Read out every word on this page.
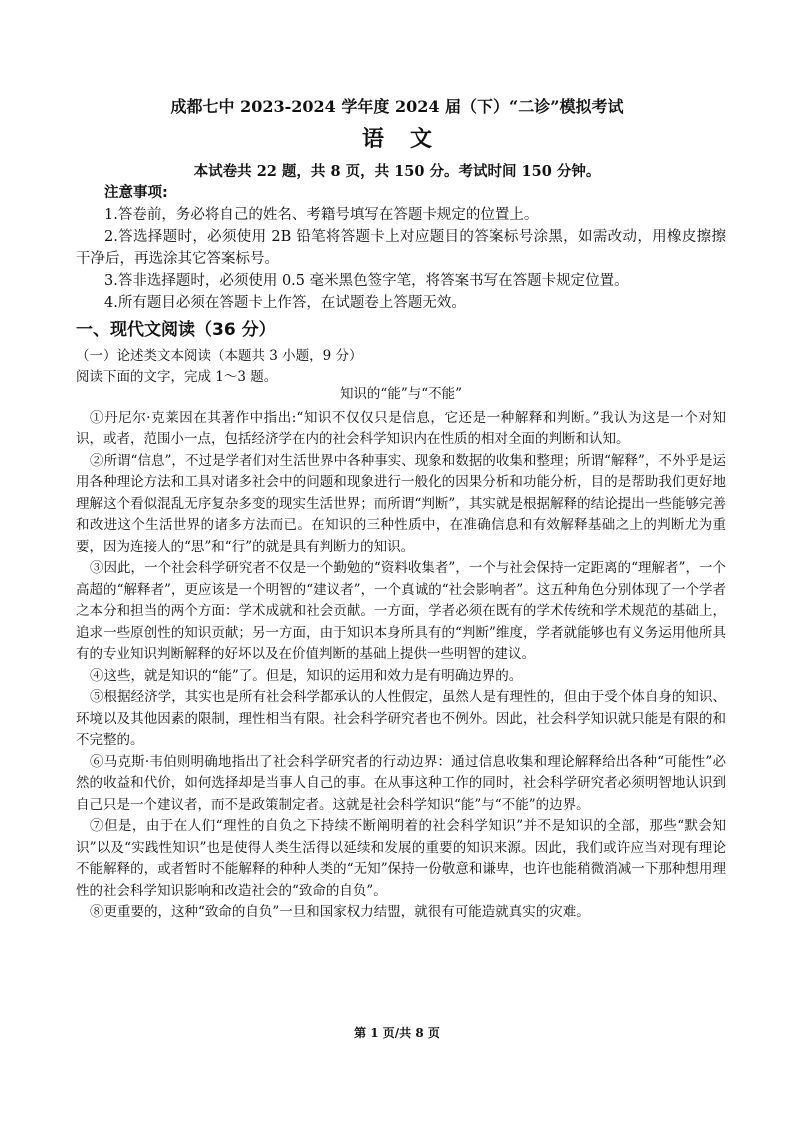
成都七中 2023-2024 学年度 2024 届（下）“二诊”模拟考试
语文
本试卷共 22 题，共 8 页，共 150 分。考试时间 150 分钟。
注意事项:
1.答卷前，务必将自己的姓名、考籍号填写在答题卡规定的位置上。
2.答选择题时，必须使用 2B 铅笔将答题卡上对应题目的答案标号涂黑，如需改动，用橡皮擦擦干净后，再选涂其它答案标号。
3.答非选择题时，必须使用 0.5 毫米黑色签字笔，将答案书写在答题卡规定位置。
4.所有题目必须在答题卡上作答，在试题卷上答题无效。
一、现代文阅读（36 分）
（一）论述类文本阅读（本题共 3 小题，9 分）
阅读下面的文字，完成 1～3 题。
知识的“能”与“不能”
①丹尼尔·克莱因在其著作中指出:“知识不仅仅只是信息，它还是一种解释和判断。”我认为这是一个对知识，或者，范围小一点，包括经济学在内的社会科学知识内在性质的相对全面的判断和认知。
②所谓“信息”，不过是学者们对生活世界中各种事实、现象和数据的收集和整理；所谓“解释”，不外乎是运用各种理论方法和工具对诸多社会中的问题和现象进行一般化的因果分析和功能分析，目的是帮助我们更好地理解这个看似混乱无序复杂多变的现实生活世界；而所谓“判断”，其实就是根据解释的结论提出一些能够完善和改进这个生活世界的诸多方法而已。在知识的三种性质中，在准确信息和有效解释基础之上的判断尤为重要，因为连接人的“思”和“行”的就是具有判断力的知识。
③因此，一个社会科学研究者不仅是一个勤勉的“资料收集者”，一个与社会保持一定距离的“理解者”，一个高超的“解释者”，更应该是一个明智的“建议者”，一个真诚的“社会影响者”。这五种角色分别体现了一个学者之本分和担当的两个方面：学术成就和社会贡献。一方面，学者必须在既有的学术传统和学术规范的基础上，追求一些原创性的知识贡献；另一方面，由于知识本身所具有的“判断”维度，学者就能够也有义务运用他所具有的专业知识判断解释的好坏以及在价值判断的基础上提供一些明智的建议。
④这些，就是知识的“能”了。但是，知识的运用和效力是有明确边界的。
⑤根据经济学，其实也是所有社会科学都承认的人性假定，虽然人是有理性的，但由于受个体自身的知识、环境以及其他因素的限制，理性相当有限。社会科学研究者也不例外。因此，社会科学知识就只能是有限的和不完整的。
⑥马克斯·韦伯则明确地指出了社会科学研究者的行动边界：通过信息收集和理论解释给出各种“可能性”必然的收益和代价，如何选择却是当事人自己的事。在从事这种工作的同时，社会科学研究者必须明智地认识到自己只是一个建议者，而不是政策制定者。这就是社会科学知识“能”与“不能”的边界。
⑦但是，由于在人们“理性的自负之下持续不断阐明着的社会科学知识”并不是知识的全部，那些“默会知识”以及“实践性知识”也是使得人类生活得以延续和发展的重要的知识来源。因此，我们或许应当对现有理论不能解释的，或者暂时不能解释的种种人类的“无知”保持一份敬意和谦卑，也许也能稍微消减一下那种想用理性的社会科学知识影响和改造社会的“致命的自负”。
⑧更重要的，这种“致命的自负”一旦和国家权力结盟，就很有可能造就真实的灾难。
第 1 页/共 8 页
